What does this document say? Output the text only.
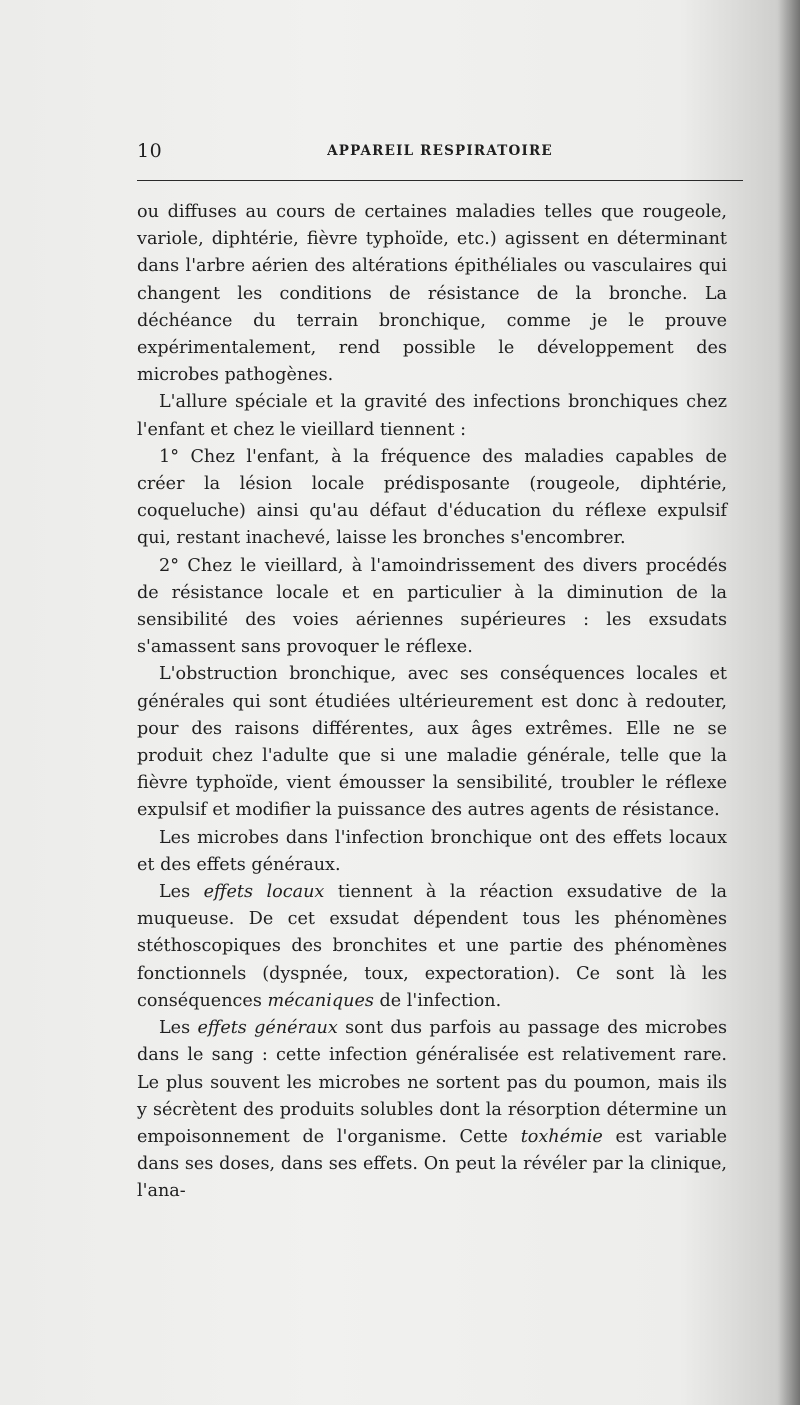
10	APPAREIL RESPIRATOIRE

ou diffuses au cours de certaines maladies telles que rougeole, variole, diphtérie, fièvre typhoïde, etc.) agissent en déterminant dans l'arbre aérien des altérations épithéliales ou vasculaires qui changent les conditions de résistance de la bronche. La déchéance du terrain bronchique, comme je le prouve expérimentalement, rend possible le développement des microbes pathogènes.

L'allure spéciale et la gravité des infections bronchiques chez l'enfant et chez le vieillard tiennent :

1° Chez l'enfant, à la fréquence des maladies capables de créer la lésion locale prédisposante (rougeole, diphtérie, coqueluche) ainsi qu'au défaut d'éducation du réflexe expulsif qui, restant inachevé, laisse les bronches s'encombrer.

2° Chez le vieillard, à l'amoindrissement des divers procédés de résistance locale et en particulier à la diminution de la sensibilité des voies aériennes supérieures : les exsudats s'amassent sans provoquer le réflexe.

L'obstruction bronchique, avec ses conséquences locales et générales qui sont étudiées ultérieurement est donc à redouter, pour des raisons différentes, aux âges extrêmes. Elle ne se produit chez l'adulte que si une maladie générale, telle que la fièvre typhoïde, vient émousser la sensibilité, troubler le réflexe expulsif et modifier la puissance des autres agents de résistance.

Les microbes dans l'infection bronchique ont des effets locaux et des effets généraux.

Les effets locaux tiennent à la réaction exsudative de la muqueuse. De cet exsudat dépendent tous les phénomènes stéthoscopiques des bronchites et une partie des phénomènes fonctionnels (dyspnée, toux, expectoration). Ce sont là les conséquences mécaniques de l'infection.

Les effets généraux sont dus parfois au passage des microbes dans le sang : cette infection généralisée est relativement rare. Le plus souvent les microbes ne sortent pas du poumon, mais ils y sécrètent des produits solubles dont la résorption détermine un empoisonnement de l'organisme. Cette toxhémie est variable dans ses doses, dans ses effets. On peut la révéler par la clinique, l'ana-
